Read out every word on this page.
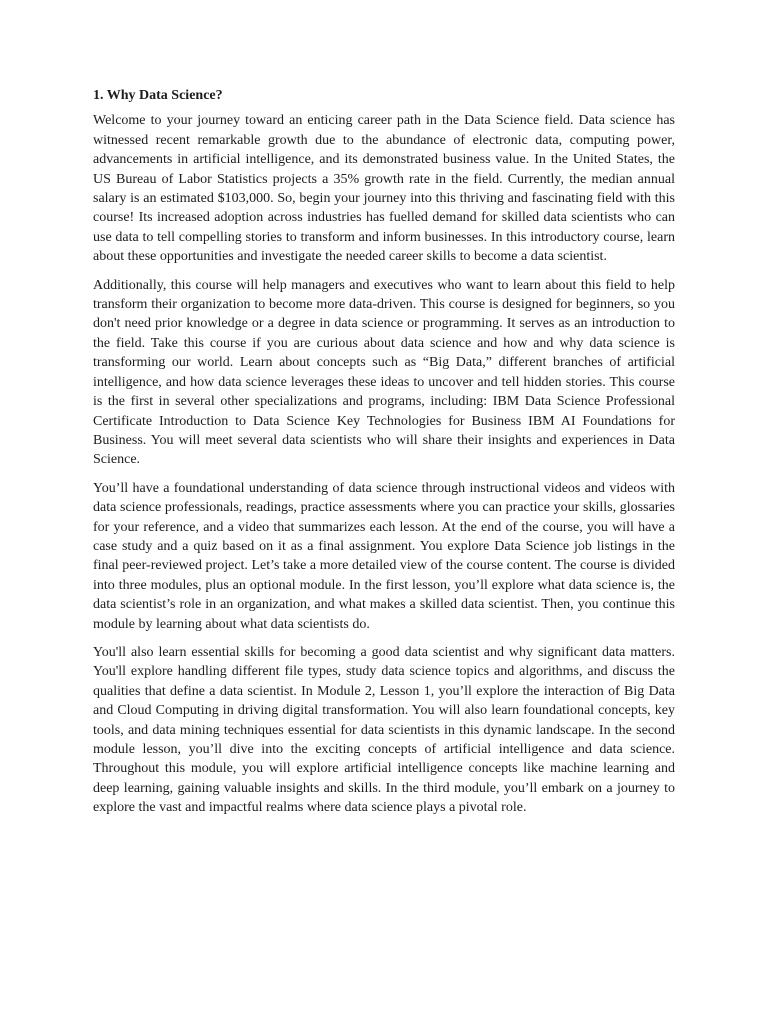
1. Why Data Science?

Welcome to your journey toward an enticing career path in the Data Science field. Data science has witnessed recent remarkable growth due to the abundance of electronic data, computing power, advancements in artificial intelligence, and its demonstrated business value. In the United States, the US Bureau of Labor Statistics projects a 35% growth rate in the field. Currently, the median annual salary is an estimated $103,000. So, begin your journey into this thriving and fascinating field with this course! Its increased adoption across industries has fuelled demand for skilled data scientists who can use data to tell compelling stories to transform and inform businesses. In this introductory course, learn about these opportunities and investigate the needed career skills to become a data scientist.

Additionally, this course will help managers and executives who want to learn about this field to help transform their organization to become more data-driven. This course is designed for beginners, so you don't need prior knowledge or a degree in data science or programming. It serves as an introduction to the field. Take this course if you are curious about data science and how and why data science is transforming our world. Learn about concepts such as “Big Data,” different branches of artificial intelligence, and how data science leverages these ideas to uncover and tell hidden stories. This course is the first in several other specializations and programs, including: IBM Data Science Professional Certificate Introduction to Data Science Key Technologies for Business IBM AI Foundations for Business. You will meet several data scientists who will share their insights and experiences in Data Science.

You’ll have a foundational understanding of data science through instructional videos and videos with data science professionals, readings, practice assessments where you can practice your skills, glossaries for your reference, and a video that summarizes each lesson. At the end of the course, you will have a case study and a quiz based on it as a final assignment. You explore Data Science job listings in the final peer-reviewed project. Let’s take a more detailed view of the course content. The course is divided into three modules, plus an optional module. In the first lesson, you’ll explore what data science is, the data scientist’s role in an organization, and what makes a skilled data scientist. Then, you continue this module by learning about what data scientists do.

You'll also learn essential skills for becoming a good data scientist and why significant data matters. You'll explore handling different file types, study data science topics and algorithms, and discuss the qualities that define a data scientist. In Module 2, Lesson 1, you’ll explore the interaction of Big Data and Cloud Computing in driving digital transformation. You will also learn foundational concepts, key tools, and data mining techniques essential for data scientists in this dynamic landscape. In the second module lesson, you’ll dive into the exciting concepts of artificial intelligence and data science. Throughout this module, you will explore artificial intelligence concepts like machine learning and deep learning, gaining valuable insights and skills. In the third module, you’ll embark on a journey to explore the vast and impactful realms where data science plays a pivotal role.
